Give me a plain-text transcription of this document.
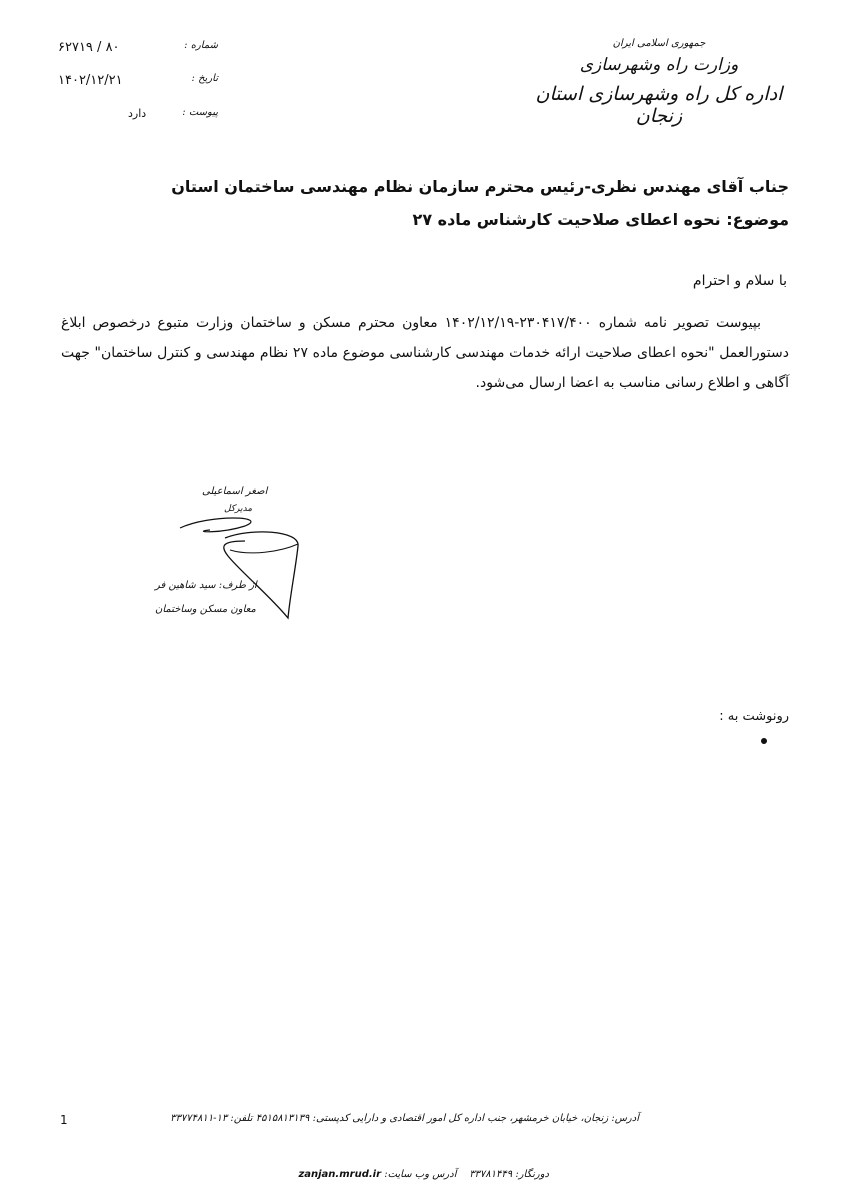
جمهوری اسلامی ایران
وزارت راه وشهرسازی
اداره کل راه وشهرسازی استان زنجان
شماره :
۸۰ / ۶۲۷۱۹
تاریخ :
۱۴۰۲/۱۲/۲۱
پیوست :
دارد
جناب آقای مهندس نظری-رئیس محترم سازمان نظام مهندسی ساختمان استان
موضوع: نحوه اعطای صلاحیت کارشناس ماده ۲۷
با سلام و احترام
بپیوست تصویر نامه شماره ۲۳۰۴۱۷/۴۰۰-۱۴۰۲/۱۲/۱۹ معاون محترم مسکن و ساختمان وزارت متبوع درخصوص ابلاغ دستورالعمل "نحوه اعطای صلاحیت ارائه خدمات مهندسی کارشناسی موضوع ماده ۲۷ نظام مهندسی و کنترل ساختمان" جهت آگاهی و اطلاع رسانی مناسب به اعضا ارسال می‌شود.
اصغر اسماعیلی
مدیرکل
از طرف: سید شاهین فر
معاون مسکن وساختمان
رونوشت به :
1	آدرس: زنجان، خیابان خرمشهر، جنب اداره کل امور اقتصادی و دارایی کدپستی: ۴۵۱۵۸۱۳۱۳۹ تلفن: ۱۳-۳۳۷۷۴۸۱۱
دورنگار: ۳۳۷۸۱۴۴۹    آدرس وب سایت: zanjan.mrud.ir
